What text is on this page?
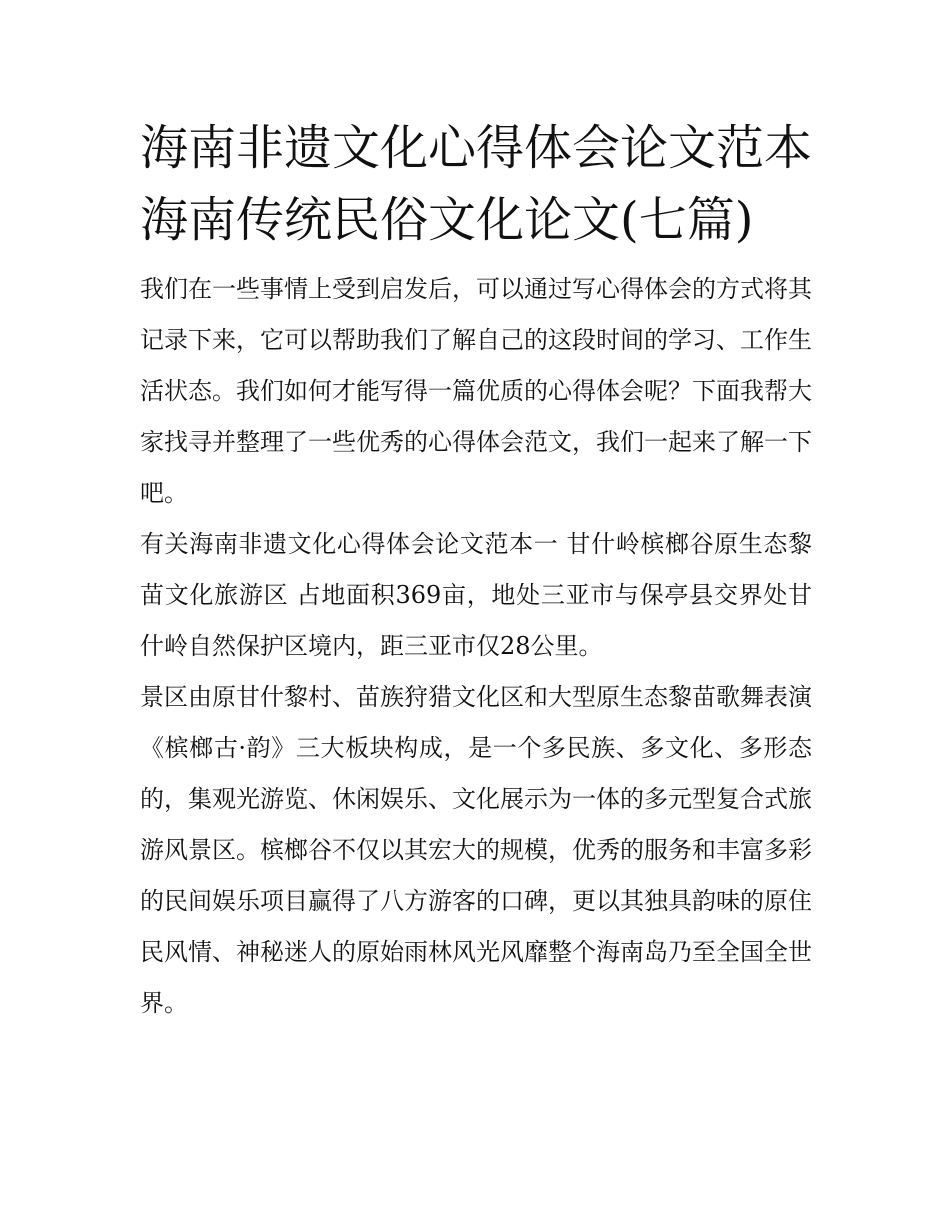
海南非遗文化心得体会论文范本 海南传统民俗文化论文(七篇)

我们在一些事情上受到启发后，可以通过写心得体会的方式将其记录下来，它可以帮助我们了解自己的这段时间的学习、工作生活状态。我们如何才能写得一篇优质的心得体会呢？下面我帮大家找寻并整理了一些优秀的心得体会范文，我们一起来了解一下吧。

有关海南非遗文化心得体会论文范本一 甘什岭槟榔谷原生态黎苗文化旅游区 占地面积369亩，地处三亚市与保亭县交界处甘什岭自然保护区境内，距三亚市仅28公里。

景区由原甘什黎村、苗族狩猎文化区和大型原生态黎苗歌舞表演《槟榔古·韵》三大板块构成，是一个多民族、多文化、多形态的，集观光游览、休闲娱乐、文化展示为一体的多元型复合式旅游风景区。槟榔谷不仅以其宏大的规模，优秀的服务和丰富多彩的民间娱乐项目赢得了八方游客的口碑，更以其独具韵味的原住民风情、神秘迷人的原始雨林风光风靡整个海南岛乃至全国全世界。
